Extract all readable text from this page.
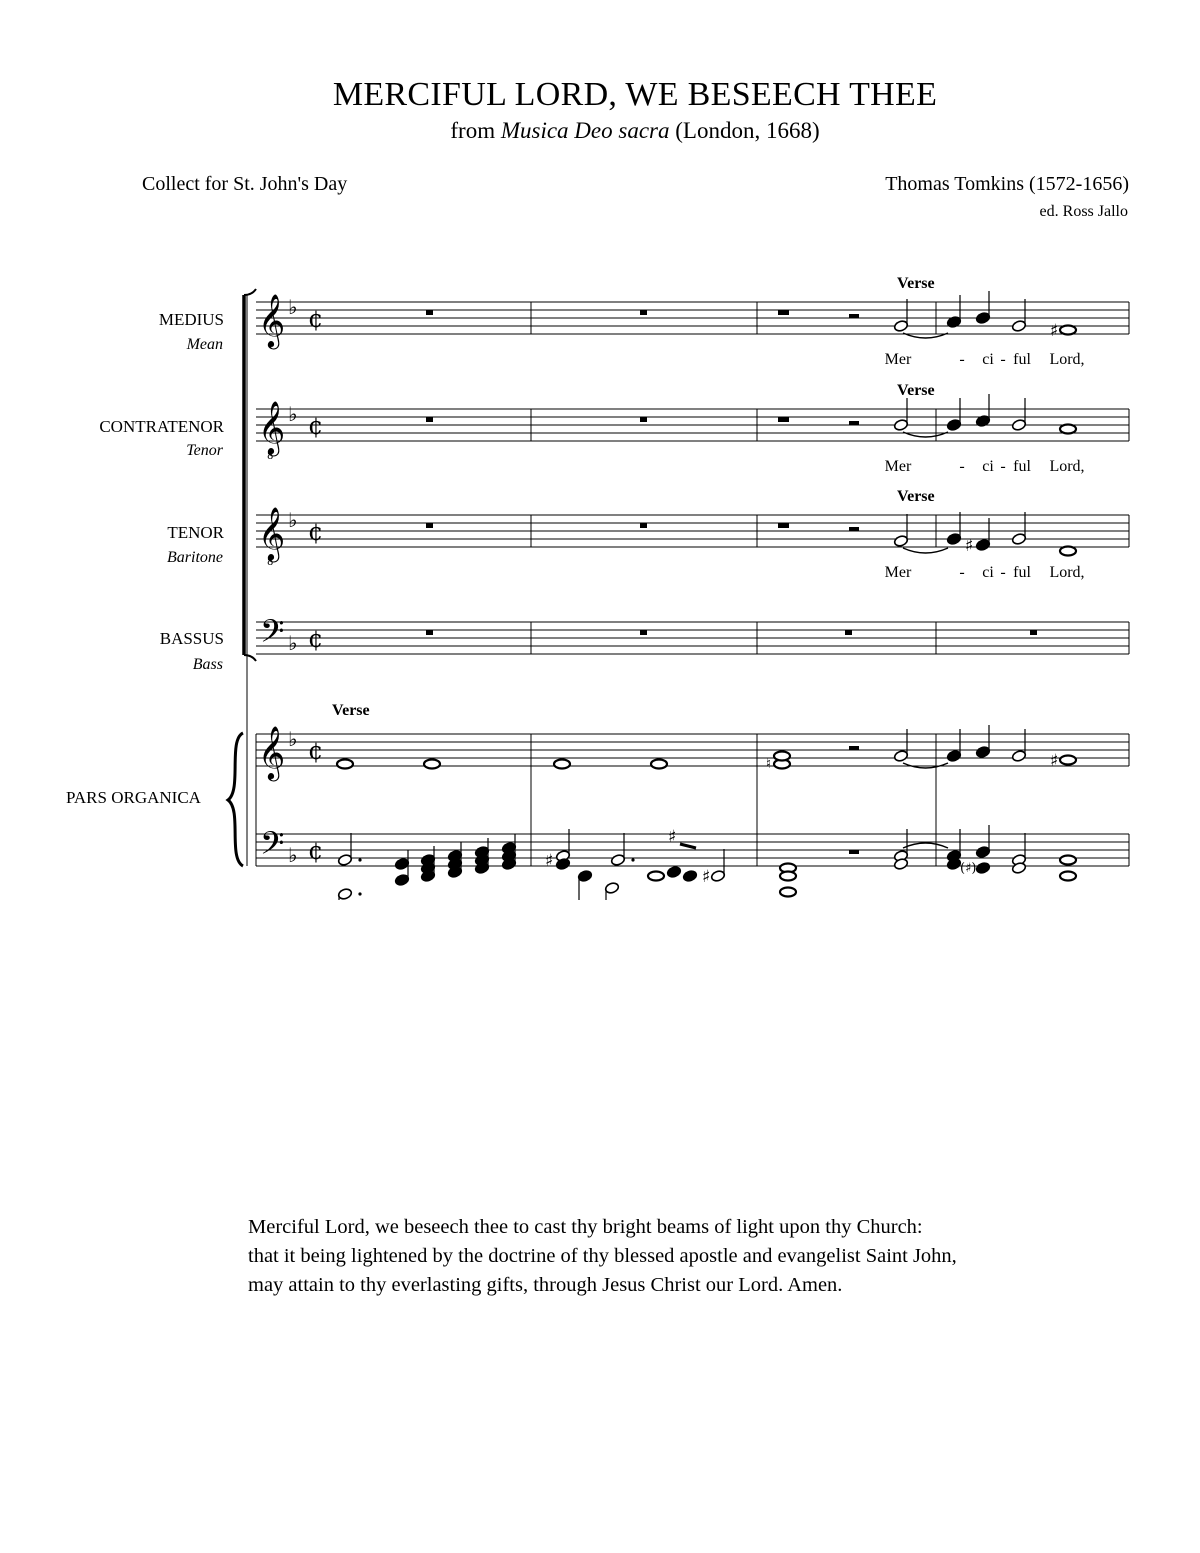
MERCIFUL LORD, WE BESEECH THEE
from Musica Deo sacra (London, 1668)
Collect for St. John's Day	Thomas Tomkins (1572-1656)
ed. Ross Jallo
MEDIUS
Mean
CONTRATENOR
Tenor
TENOR
Baritone
BASSUS
Bass
PARS ORGANICA
𝄞 ♭ ¢
𝄞
8
♭ ¢
𝄞
8
♭ ¢
𝄢 ♭ ¢
𝄞 ♭ ¢
𝄢 ♭ ¢
♯
♯
♮	♯
♯
♯
♯	(♯)
Verse
Verse
Verse
Verse
Mer	- ci - ful Lord,
Mer	- ci - ful Lord,
Mer	- ci - ful Lord,
Merciful Lord, we beseech thee to cast thy bright beams of light upon thy Church:
that it being lightened by the doctrine of thy blessed apostle and evangelist Saint John,
may attain to thy everlasting gifts, through Jesus Christ our Lord. Amen.
